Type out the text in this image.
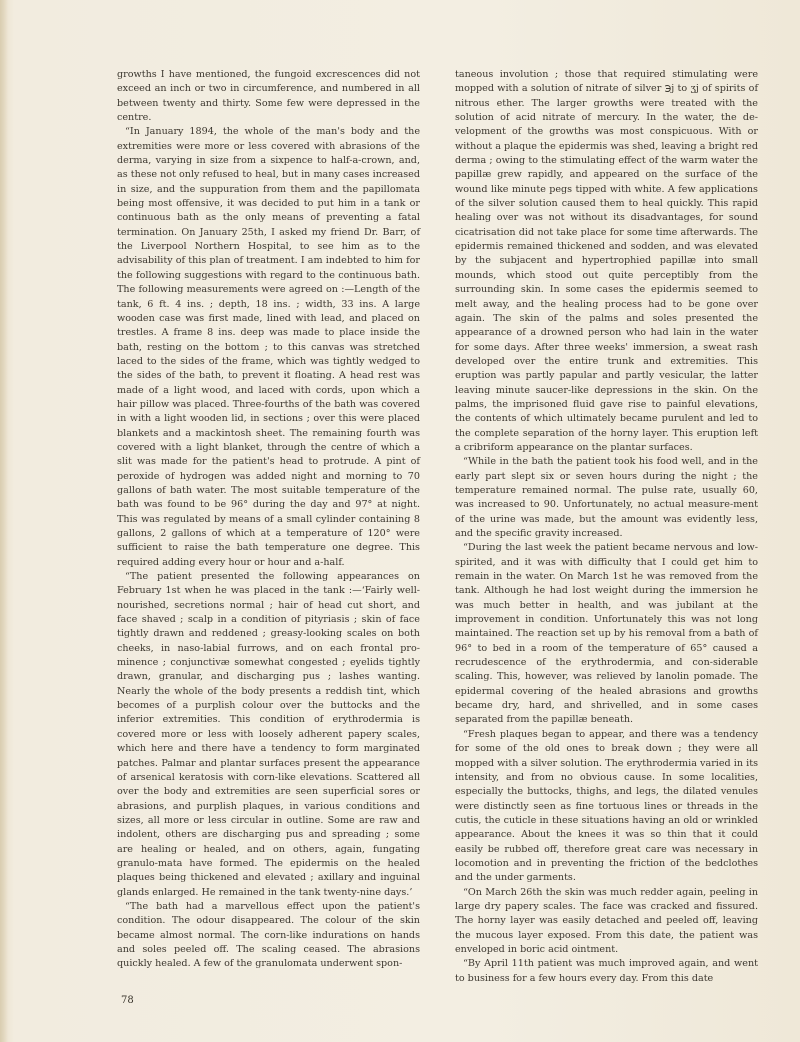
growths I have mentioned, the fungoid excrescences did not exceed an inch or two in circumference, and numbered in all between twenty and thirty. Some few were depressed in the centre.

“In January 1894, the whole of the man's body and the extremities were more or less covered with abrasions of the derma, varying in size from a sixpence to half-a-crown, and, as these not only refused to heal, but in many cases increased in size, and the suppuration from them and the papillomata being most offensive, it was decided to put him in a tank or continuous bath as the only means of preventing a fatal termination. On January 25th, I asked my friend Dr. Barr, of the Liverpool Northern Hospital, to see him as to the advisability of this plan of treatment. I am indebted to him for the following suggestions with regard to the continuous bath. The following measurements were agreed on :—Length of the tank, 6 ft. 4 ins. ; depth, 18 ins. ; width, 33 ins. A large wooden case was first made, lined with lead, and placed on trestles. A frame 8 ins. deep was made to place inside the bath, resting on the bottom ; to this canvas was stretched laced to the sides of the frame, which was tightly wedged to the sides of the bath, to prevent it floating. A head rest was made of a light wood, and laced with cords, upon which a hair pillow was placed. Three-fourths of the bath was covered in with a light wooden lid, in sections ; over this were placed blankets and a mackintosh sheet. The remaining fourth was covered with a light blanket, through the centre of which a slit was made for the patient's head to protrude. A pint of peroxide of hydrogen was added night and morning to 70 gallons of bath water. The most suitable temperature of the bath was found to be 96° during the day and 97° at night. This was regulated by means of a small cylinder containing 8 gallons, 2 gallons of which at a temperature of 120° were sufficient to raise the bath temperature one degree. This required adding every hour or hour and a-half.

“The patient presented the following appearances on February 1st when he was placed in the tank :—‘Fairly well-nourished, secretions normal ; hair of head cut short, and face shaved ; scalp in a condition of pityriasis ; skin of face tightly drawn and reddened ; greasy-looking scales on both cheeks, in naso-labial furrows, and on each frontal pro-minence ; conjunctivæ somewhat congested ; eyelids tightly drawn, granular, and discharging pus ; lashes wanting. Nearly the whole of the body presents a reddish tint, which becomes of a purplish colour over the buttocks and the inferior extremities. This condition of erythrodermia is covered more or less with loosely adherent papery scales, which here and there have a tendency to form marginated patches. Palmar and plantar surfaces present the appearance of arsenical keratosis with corn-like elevations. Scattered all over the body and extremities are seen superficial sores or abrasions, and purplish plaques, in various conditions and sizes, all more or less circular in outline. Some are raw and indolent, others are discharging pus and spreading ; some are healing or healed, and on others, again, fungating granulo-mata have formed. The epidermis on the healed plaques being thickened and elevated ; axillary and inguinal glands enlarged. He remained in the tank twenty-nine days.’

“The bath had a marvellous effect upon the patient's condition. The odour disappeared. The colour of the skin became almost normal. The corn-like indurations on hands and soles peeled off. The scaling ceased. The abrasions quickly healed. A few of the granulomata underwent spon-

taneous involution ; those that required stimulating were mopped with a solution of nitrate of silver ℈j to ʒj of spirits of nitrous ether. The larger growths were treated with the solution of acid nitrate of mercury. In the water, the de-velopment of the growths was most conspicuous. With or without a plaque the epidermis was shed, leaving a bright red derma ; owing to the stimulating effect of the warm water the papillæ grew rapidly, and appeared on the surface of the wound like minute pegs tipped with white. A few applications of the silver solution caused them to heal quickly. This rapid healing over was not without its disadvantages, for sound cicatrisation did not take place for some time afterwards. The epidermis remained thickened and sodden, and was elevated by the subjacent and hypertrophied papillæ into small mounds, which stood out quite perceptibly from the surrounding skin. In some cases the epidermis seemed to melt away, and the healing process had to be gone over again. The skin of the palms and soles presented the appearance of a drowned person who had lain in the water for some days. After three weeks' immersion, a sweat rash developed over the entire trunk and extremities. This eruption was partly papular and partly vesicular, the latter leaving minute saucer-like depressions in the skin. On the palms, the imprisoned fluid gave rise to painful elevations, the contents of which ultimately became purulent and led to the complete separation of the horny layer. This eruption left a cribriform appearance on the plantar surfaces.

“While in the bath the patient took his food well, and in the early part slept six or seven hours during the night ; the temperature remained normal. The pulse rate, usually 60, was increased to 90. Unfortunately, no actual measure-ment of the urine was made, but the amount was evidently less, and the specific gravity increased.

“During the last week the patient became nervous and low-spirited, and it was with difficulty that I could get him to remain in the water. On March 1st he was removed from the tank. Although he had lost weight during the immersion he was much better in health, and was jubilant at the improvement in condition. Unfortunately this was not long maintained. The reaction set up by his removal from a bath of 96° to bed in a room of the temperature of 65° caused a recrudescence of the erythrodermia, and con-siderable scaling. This, however, was relieved by lanolin pomade. The epidermal covering of the healed abrasions and growths became dry, hard, and shrivelled, and in some cases separated from the papillæ beneath.

“Fresh plaques began to appear, and there was a tendency for some of the old ones to break down ; they were all mopped with a silver solution. The erythrodermia varied in its intensity, and from no obvious cause. In some localities, especially the buttocks, thighs, and legs, the dilated venules were distinctly seen as fine tortuous lines or threads in the cutis, the cuticle in these situations having an old or wrinkled appearance. About the knees it was so thin that it could easily be rubbed off, therefore great care was necessary in locomotion and in preventing the friction of the bedclothes and the under garments.

“On March 26th the skin was much redder again, peeling in large dry papery scales. The face was cracked and fissured. The horny layer was easily detached and peeled off, leaving the mucous layer exposed. From this date, the patient was enveloped in boric acid ointment.

“By April 11th patient was much improved again, and went to business for a few hours every day. From this date

78
